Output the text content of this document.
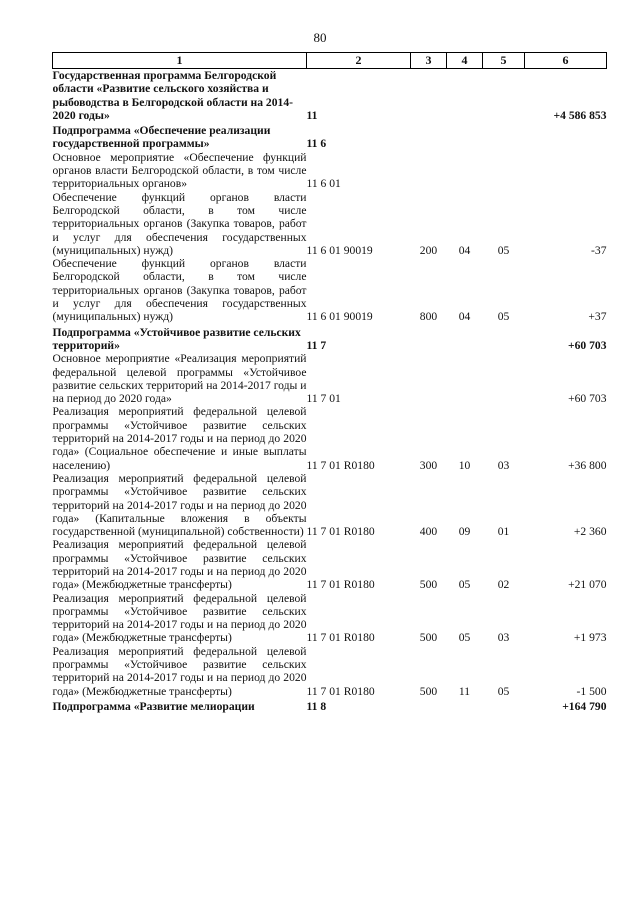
80
1	2	3	4	5	6
Государственная программа Белгородской области «Развитие сельского хозяйства и рыбоводства в Белгородской области на 2014-2020 годы»	11				+4 586 853
Подпрограмма «Обеспечение реализации государственной программы»	11 6				
Основное мероприятие «Обеспечение функций органов власти Белгородской области, в том числе территориальных органов»	11 6 01				
Обеспечение функций органов власти Белгородской области, в том числе территориальных органов (Закупка товаров, работ и услуг для обеспечения государственных (муниципальных) нужд)	11 6 01 90019	200	04	05	-37
Обеспечение функций органов власти Белгородской области, в том числе территориальных органов (Закупка товаров, работ и услуг для обеспечения государственных (муниципальных) нужд)	11 6 01 90019	800	04	05	+37
Подпрограмма «Устойчивое развитие сельских территорий»	11 7				+60 703
Основное мероприятие «Реализация мероприятий федеральной целевой программы «Устойчивое развитие сельских территорий на 2014-2017 годы и на период до 2020 года»	11 7 01				+60 703
Реализация мероприятий федеральной целевой программы «Устойчивое развитие сельских территорий на 2014-2017 годы и на период до 2020 года» (Социальное обеспечение и иные выплаты населению)	11 7 01 R0180	300	10	03	+36 800
Реализация мероприятий федеральной целевой программы «Устойчивое развитие сельских территорий на 2014-2017 годы и на период до 2020 года» (Капитальные вложения в объекты государственной (муниципальной) собственности)	11 7 01 R0180	400	09	01	+2 360
Реализация мероприятий федеральной целевой программы «Устойчивое развитие сельских территорий на 2014-2017 годы и на период до 2020 года» (Межбюджетные трансферты)	11 7 01 R0180	500	05	02	+21 070
Реализация мероприятий федеральной целевой программы «Устойчивое развитие сельских территорий на 2014-2017 годы и на период до 2020 года» (Межбюджетные трансферты)	11 7 01 R0180	500	05	03	+1 973
Реализация мероприятий федеральной целевой программы «Устойчивое развитие сельских территорий на 2014-2017 годы и на период до 2020 года» (Межбюджетные трансферты)	11 7 01 R0180	500	11	05	-1 500
Подпрограмма «Развитие мелиорации	11 8				+164 790
